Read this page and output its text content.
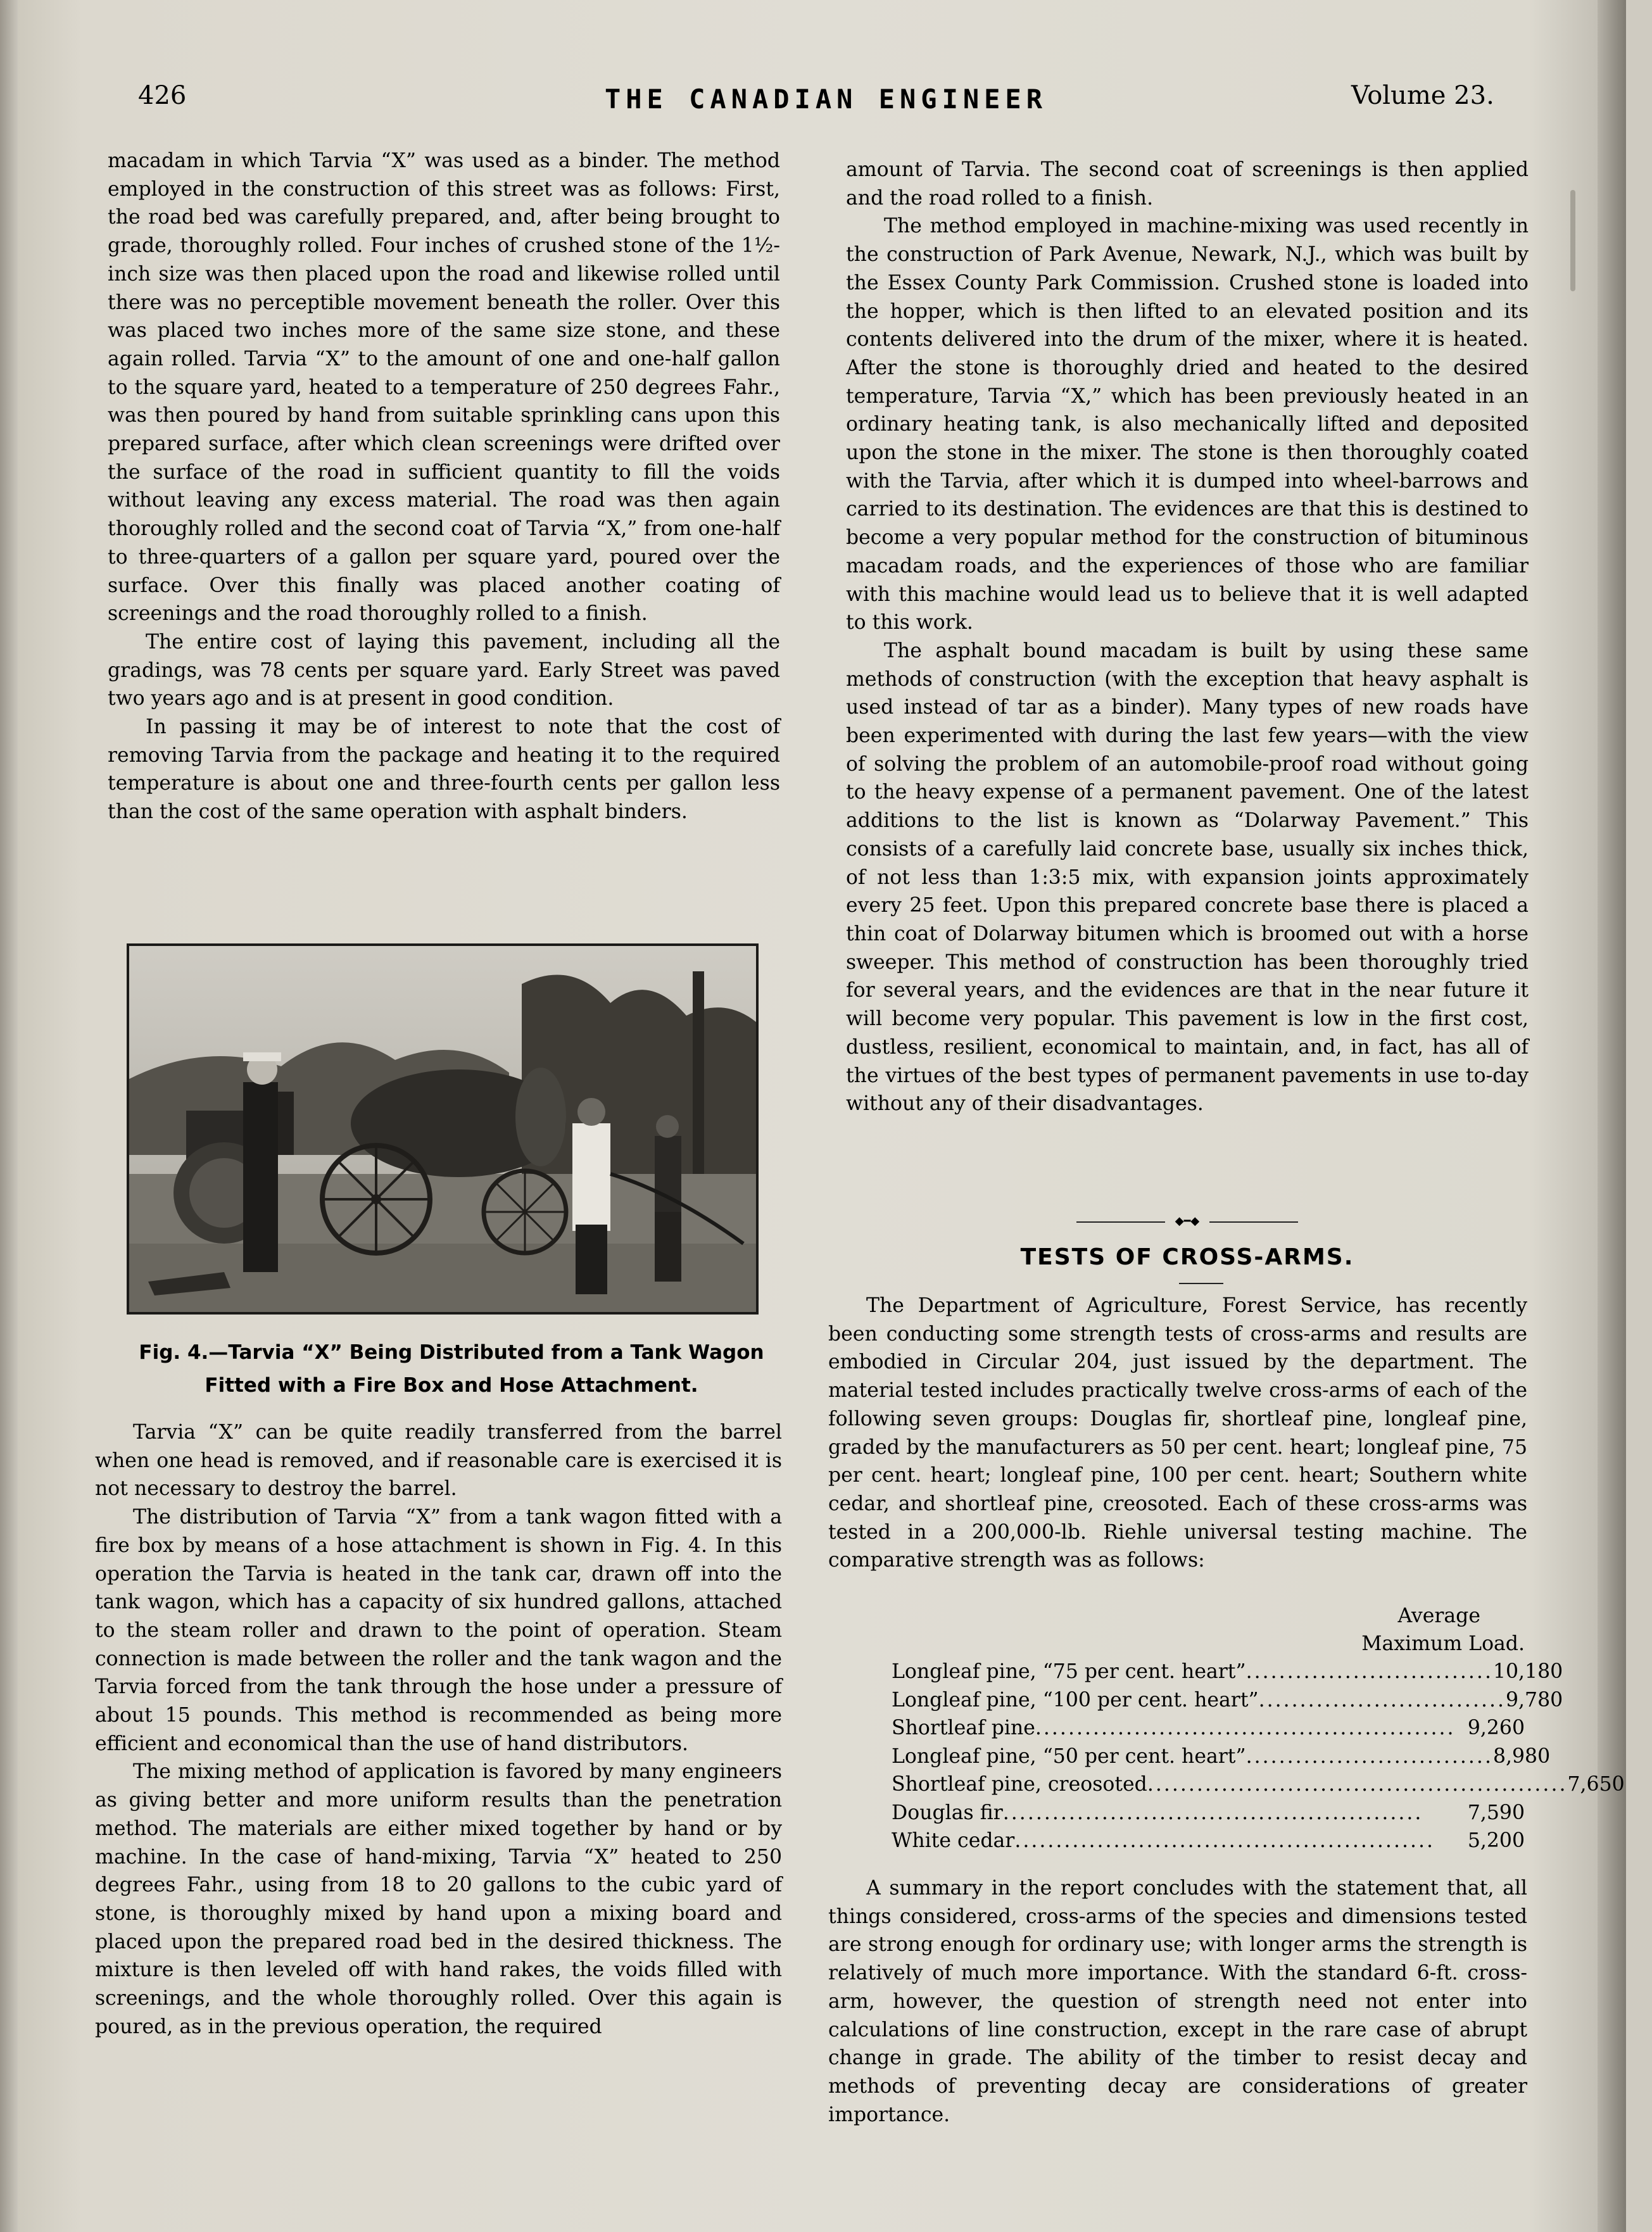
426	THE CANADIAN ENGINEER	Volume 23.

macadam in which Tarvia “X” was used as a binder. The method employed in the construction of this street was as follows: First, the road bed was carefully prepared, and, after being brought to grade, thoroughly rolled. Four inches of crushed stone of the 1½-inch size was then placed upon the road and likewise rolled until there was no perceptible movement beneath the roller. Over this was placed two inches more of the same size stone, and these again rolled. Tarvia “X” to the amount of one and one-half gallon to the square yard, heated to a temperature of 250 degrees Fahr., was then poured by hand from suitable sprinkling cans upon this prepared surface, after which clean screenings were drifted over the surface of the road in sufficient quantity to fill the voids without leaving any excess material. The road was then again thoroughly rolled and the second coat of Tarvia “X,” from one-half to three-quarters of a gallon per square yard, poured over the surface. Over this finally was placed another coating of screenings and the road thoroughly rolled to a finish.

The entire cost of laying this pavement, including all the gradings, was 78 cents per square yard. Early Street was paved two years ago and is at present in good condition.

In passing it may be of interest to note that the cost of removing Tarvia from the package and heating it to the required temperature is about one and three-fourth cents per gallon less than the cost of the same operation with asphalt binders.

Fig. 4.—Tarvia “X” Being Distributed from a Tank Wagon
Fitted with a Fire Box and Hose Attachment.

Tarvia “X” can be quite readily transferred from the barrel when one head is removed, and if reasonable care is exercised it is not necessary to destroy the barrel.

The distribution of Tarvia “X” from a tank wagon fitted with a fire box by means of a hose attachment is shown in Fig. 4. In this operation the Tarvia is heated in the tank car, drawn off into the tank wagon, which has a capacity of six hundred gallons, attached to the steam roller and drawn to the point of operation. Steam connection is made between the roller and the tank wagon and the Tarvia forced from the tank through the hose under a pressure of about 15 pounds. This method is recommended as being more efficient and economical than the use of hand distributors.

The mixing method of application is favored by many engineers as giving better and more uniform results than the penetration method. The materials are either mixed together by hand or by machine. In the case of hand-mixing, Tarvia “X” heated to 250 degrees Fahr., using from 18 to 20 gallons to the cubic yard of stone, is thoroughly mixed by hand upon a mixing board and placed upon the prepared road bed in the desired thickness. The mixture is then leveled off with hand rakes, the voids filled with screenings, and the whole thoroughly rolled. Over this again is poured, as in the previous operation, the required

amount of Tarvia. The second coat of screenings is then applied and the road rolled to a finish.

The method employed in machine-mixing was used recently in the construction of Park Avenue, Newark, N.J., which was built by the Essex County Park Commission. Crushed stone is loaded into the hopper, which is then lifted to an elevated position and its contents delivered into the drum of the mixer, where it is heated. After the stone is thoroughly dried and heated to the desired temperature, Tarvia “X,” which has been previously heated in an ordinary heating tank, is also mechanically lifted and deposited upon the stone in the mixer. The stone is then thoroughly coated with the Tarvia, after which it is dumped into wheel-barrows and carried to its destination. The evidences are that this is destined to become a very popular method for the construction of bituminous macadam roads, and the experiences of those who are familiar with this machine would lead us to believe that it is well adapted to this work.

The asphalt bound macadam is built by using these same methods of construction (with the exception that heavy asphalt is used instead of tar as a binder). Many types of new roads have been experimented with during the last few years—with the view of solving the problem of an automobile-proof road without going to the heavy expense of a permanent pavement. One of the latest additions to the list is known as “Dolarway Pavement.” This consists of a carefully laid concrete base, usually six inches thick, of not less than 1:3:5 mix, with expansion joints approximately every 25 feet. Upon this prepared concrete base there is placed a thin coat of Dolarway bitumen which is broomed out with a horse sweeper. This method of construction has been thoroughly tried for several years, and the evidences are that in the near future it will become very popular. This pavement is low in the first cost, dustless, resilient, economical to maintain, and, in fact, has all of the virtues of the best types of permanent pavements in use to-day without any of their disadvantages.

◆━◆
TESTS OF CROSS-ARMS.

The Department of Agriculture, Forest Service, has recently been conducting some strength tests of cross-arms and results are embodied in Circular 204, just issued by the department. The material tested includes practically twelve cross-arms of each of the following seven groups: Douglas fir, shortleaf pine, longleaf pine, graded by the manufacturers as 50 per cent. heart; longleaf pine, 75 per cent. heart; longleaf pine, 100 per cent. heart; Southern white cedar, and shortleaf pine, creosoted. Each of these cross-arms was tested in a 200,000-lb. Riehle universal testing machine. The comparative strength was as follows:

Average
Maximum Load.
Longleaf pine, “75 per cent. heart” .............................. 10,180
Longleaf pine, “100 per cent. heart” .............................. 9,780
Shortleaf pine ................................................... 9,260
Longleaf pine, “50 per cent. heart” .............................. 8,980
Shortleaf pine, creosoted ................................................... 7,650
Douglas fir ...................................................	7,590
White cedar ...................................................	5,200

A summary in the report concludes with the statement that, all things considered, cross-arms of the species and dimensions tested are strong enough for ordinary use; with longer arms the strength is relatively of much more importance. With the standard 6-ft. cross-arm, however, the question of strength need not enter into calculations of line construction, except in the rare case of abrupt change in grade. The ability of the timber to resist decay and methods of preventing decay are considerations of greater importance.
